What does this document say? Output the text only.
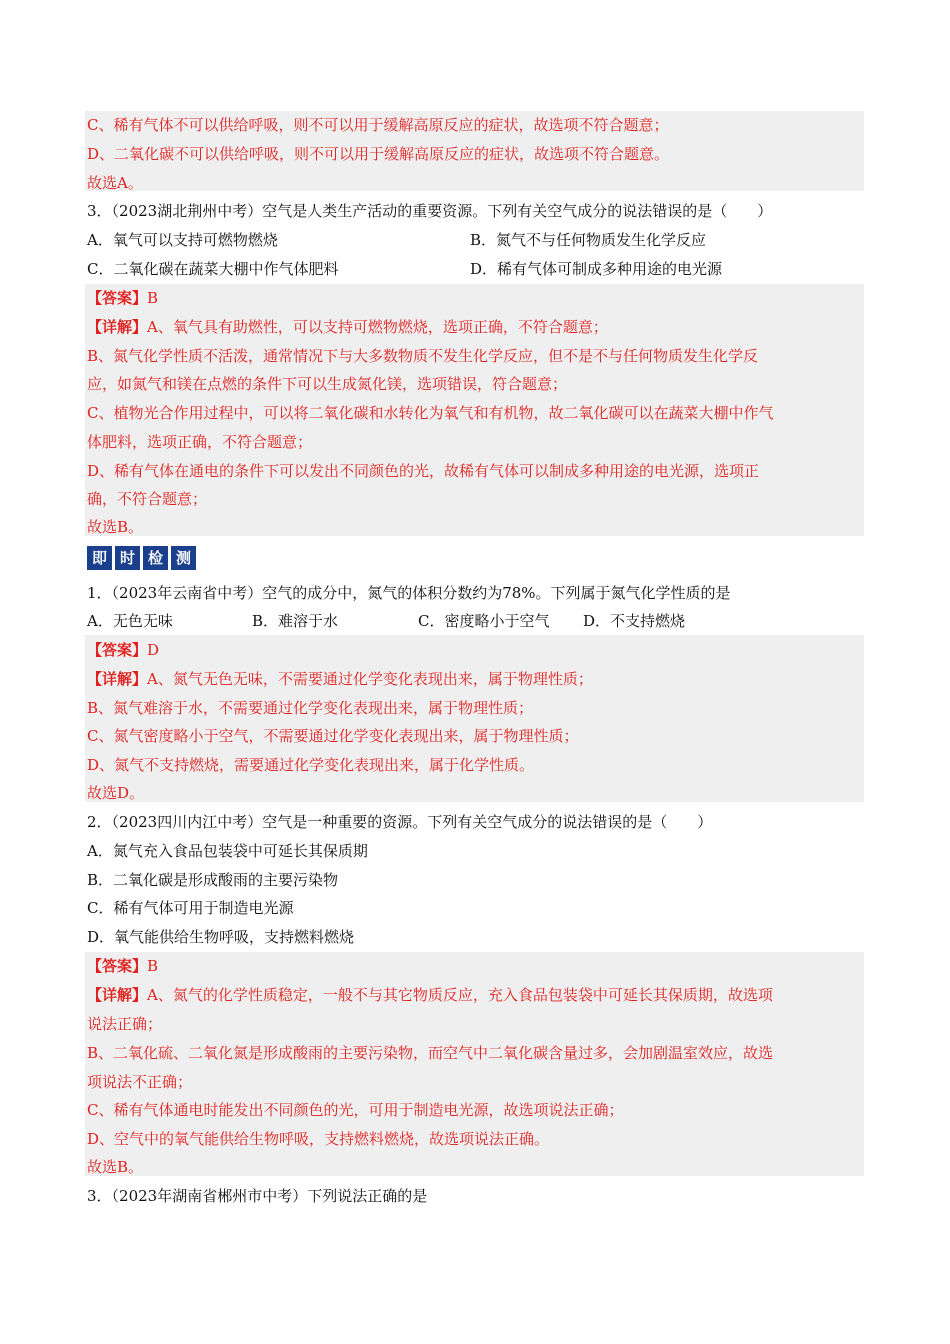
C、稀有气体不可以供给呼吸，则不可以用于缓解高原反应的症状，故选项不符合题意；
D、二氧化碳不可以供给呼吸，则不可以用于缓解高原反应的症状，故选项不符合题意。
故选A。
3．（2023湖北荆州中考）空气是人类生产活动的重要资源。下列有关空气成分的说法错误的是（　　）
A．氧气可以支持可燃物燃烧	B．氮气不与任何物质发生化学反应
C．二氧化碳在蔬菜大棚中作气体肥料	D．稀有气体可制成多种用途的电光源
【答案】B
【详解】A、氧气具有助燃性，可以支持可燃物燃烧，选项正确，不符合题意；
B、氮气化学性质不活泼，通常情况下与大多数物质不发生化学反应，但不是不与任何物质发生化学反
应，如氮气和镁在点燃的条件下可以生成氮化镁，选项错误，符合题意；
C、植物光合作用过程中，可以将二氧化碳和水转化为氧气和有机物，故二氧化碳可以在蔬菜大棚中作气
体肥料，选项正确，不符合题意；
D、稀有气体在通电的条件下可以发出不同颜色的光，故稀有气体可以制成多种用途的电光源，选项正
确，不符合题意；
故选B。
即 时 检 测
1．（2023年云南省中考）空气的成分中，氮气的体积分数约为78%。下列属于氮气化学性质的是
A．无色无味	B．难溶于水	C．密度略小于空气 D．不支持燃烧
【答案】D
【详解】A、氮气无色无味，不需要通过化学变化表现出来，属于物理性质；
B、氮气难溶于水，不需要通过化学变化表现出来，属于物理性质；
C、氮气密度略小于空气，不需要通过化学变化表现出来，属于物理性质；
D、氮气不支持燃烧，需要通过化学变化表现出来，属于化学性质。
故选D。
2．（2023四川内江中考）空气是一种重要的资源。下列有关空气成分的说法错误的是（　　）
A．氮气充入食品包装袋中可延长其保质期
B．二氧化碳是形成酸雨的主要污染物
C．稀有气体可用于制造电光源
D．氧气能供给生物呼吸，支持燃料燃烧
【答案】B
【详解】A、氮气的化学性质稳定，一般不与其它物质反应，充入食品包装袋中可延长其保质期，故选项
说法正确；
B、二氧化硫、二氧化氮是形成酸雨的主要污染物，而空气中二氧化碳含量过多，会加剧温室效应，故选
项说法不正确；
C、稀有气体通电时能发出不同颜色的光，可用于制造电光源，故选项说法正确；
D、空气中的氧气能供给生物呼吸，支持燃料燃烧，故选项说法正确。
故选B。
3．（2023年湖南省郴州市中考）下列说法正确的是
